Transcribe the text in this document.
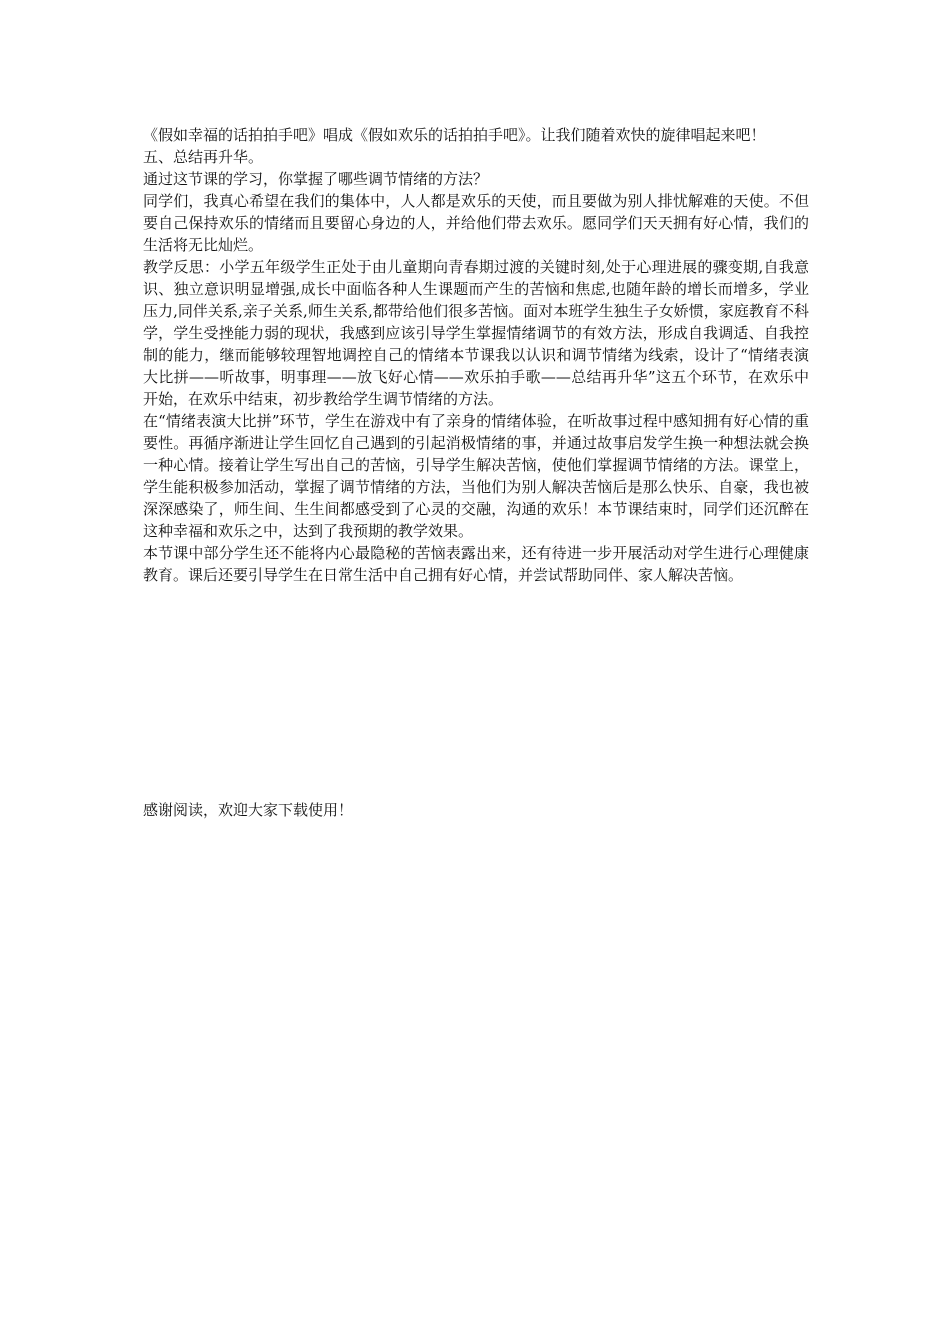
《假如幸福的话拍拍手吧》唱成《假如欢乐的话拍拍手吧》。让我们随着欢快的旋律唱起来吧！

五、总结再升华。

通过这节课的学习，你掌握了哪些调节情绪的方法？

同学们，我真心希望在我们的集体中，人人都是欢乐的天使，而且要做为别人排忧解难的天使。不但要自己保持欢乐的情绪而且要留心身边的人，并给他们带去欢乐。愿同学们天天拥有好心情，我们的生活将无比灿烂。

教学反思：小学五年级学生正处于由儿童期向青春期过渡的关键时刻,处于心理进展的骤变期,自我意识、独立意识明显增强,成长中面临各种人生课题而产生的苦恼和焦虑,也随年龄的增长而增多，学业压力,同伴关系,亲子关系,师生关系,都带给他们很多苦恼。面对本班学生独生子女娇惯，家庭教育不科学，学生受挫能力弱的现状，我感到应该引导学生掌握情绪调节的有效方法，形成自我调适、自我控制的能力，继而能够较理智地调控自己的情绪本节课我以认识和调节情绪为线索，设计了“情绪表演大比拼——听故事，明事理——放飞好心情——欢乐拍手歌——总结再升华”这五个环节，在欢乐中开始，在欢乐中结束，初步教给学生调节情绪的方法。

在“情绪表演大比拼”环节，学生在游戏中有了亲身的情绪体验，在听故事过程中感知拥有好心情的重要性。再循序渐进让学生回忆自己遇到的引起消极情绪的事，并通过故事启发学生换一种想法就会换一种心情。接着让学生写出自己的苦恼，引导学生解决苦恼，使他们掌握调节情绪的方法。课堂上，学生能积极参加活动，掌握了调节情绪的方法，当他们为别人解决苦恼后是那么快乐、自豪，我也被深深感染了，师生间、生生间都感受到了心灵的交融，沟通的欢乐！本节课结束时，同学们还沉醉在这种幸福和欢乐之中，达到了我预期的教学效果。

本节课中部分学生还不能将内心最隐秘的苦恼表露出来，还有待进一步开展活动对学生进行心理健康教育。课后还要引导学生在日常生活中自己拥有好心情，并尝试帮助同伴、家人解决苦恼。

感谢阅读，欢迎大家下载使用！
